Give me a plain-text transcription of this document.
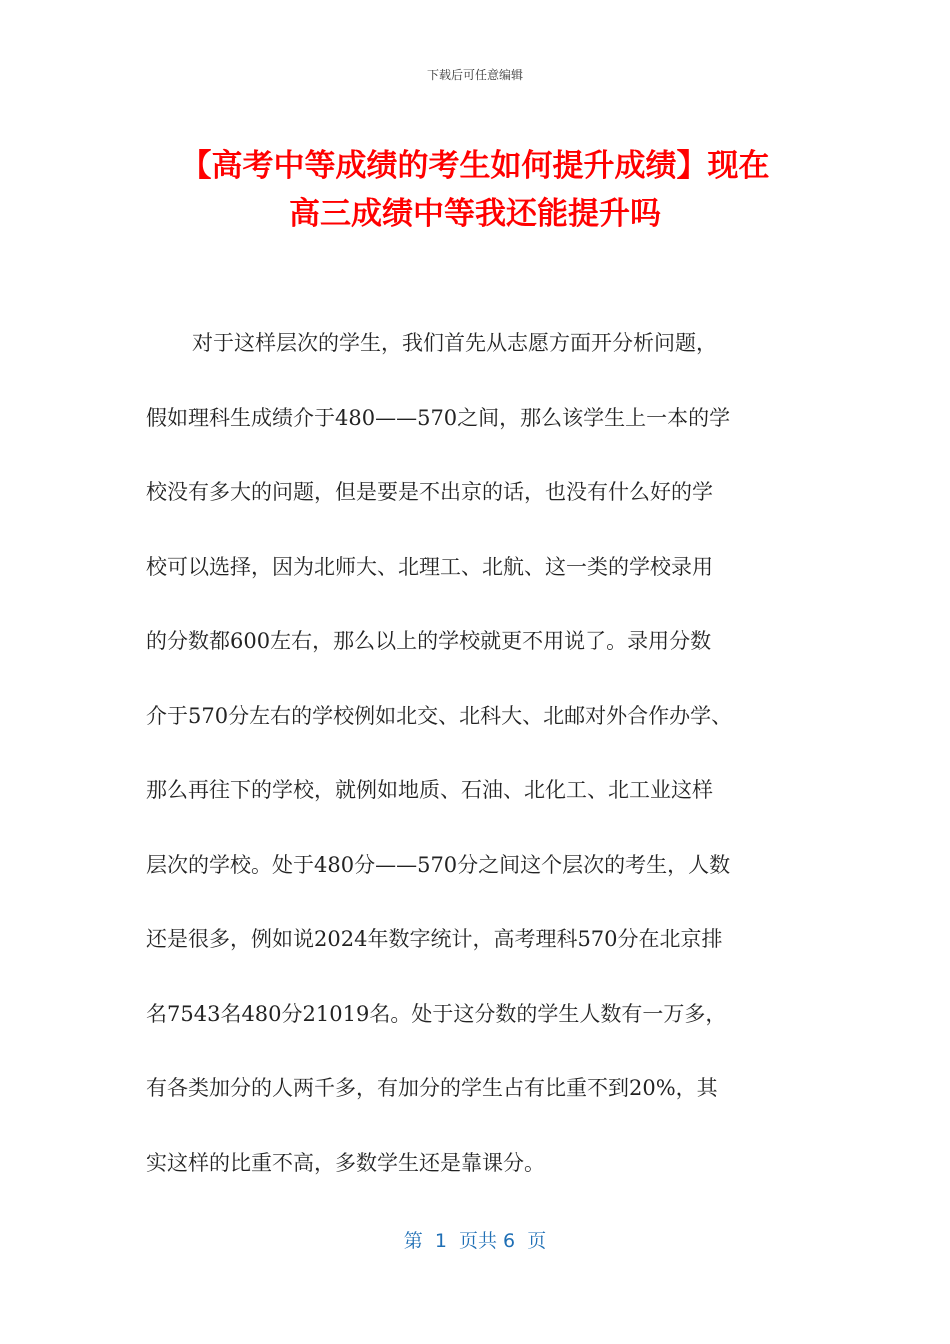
下载后可任意编辑
【高考中等成绩的考生如何提升成绩】现在
高三成绩中等我还能提升吗
对于这样层次的学生，我们首先从志愿方面开分析问题，
假如理科生成绩介于480——570之间，那么该学生上一本的学
校没有多大的问题，但是要是不出京的话，也没有什么好的学
校可以选择，因为北师大、北理工、北航、这一类的学校录用
的分数都600左右，那么以上的学校就更不用说了。录用分数
介于570分左右的学校例如北交、北科大、北邮对外合作办学、
那么再往下的学校，就例如地质、石油、北化工、北工业这样
层次的学校。处于480分——570分之间这个层次的考生，人数
还是很多，例如说2024年数字统计，高考理科570分在北京排
名7543名480分21019名。处于这分数的学生人数有一万多，
有各类加分的人两千多，有加分的学生占有比重不到20%，其
实这样的比重不高，多数学生还是靠课分。
第  1  页共 6  页
